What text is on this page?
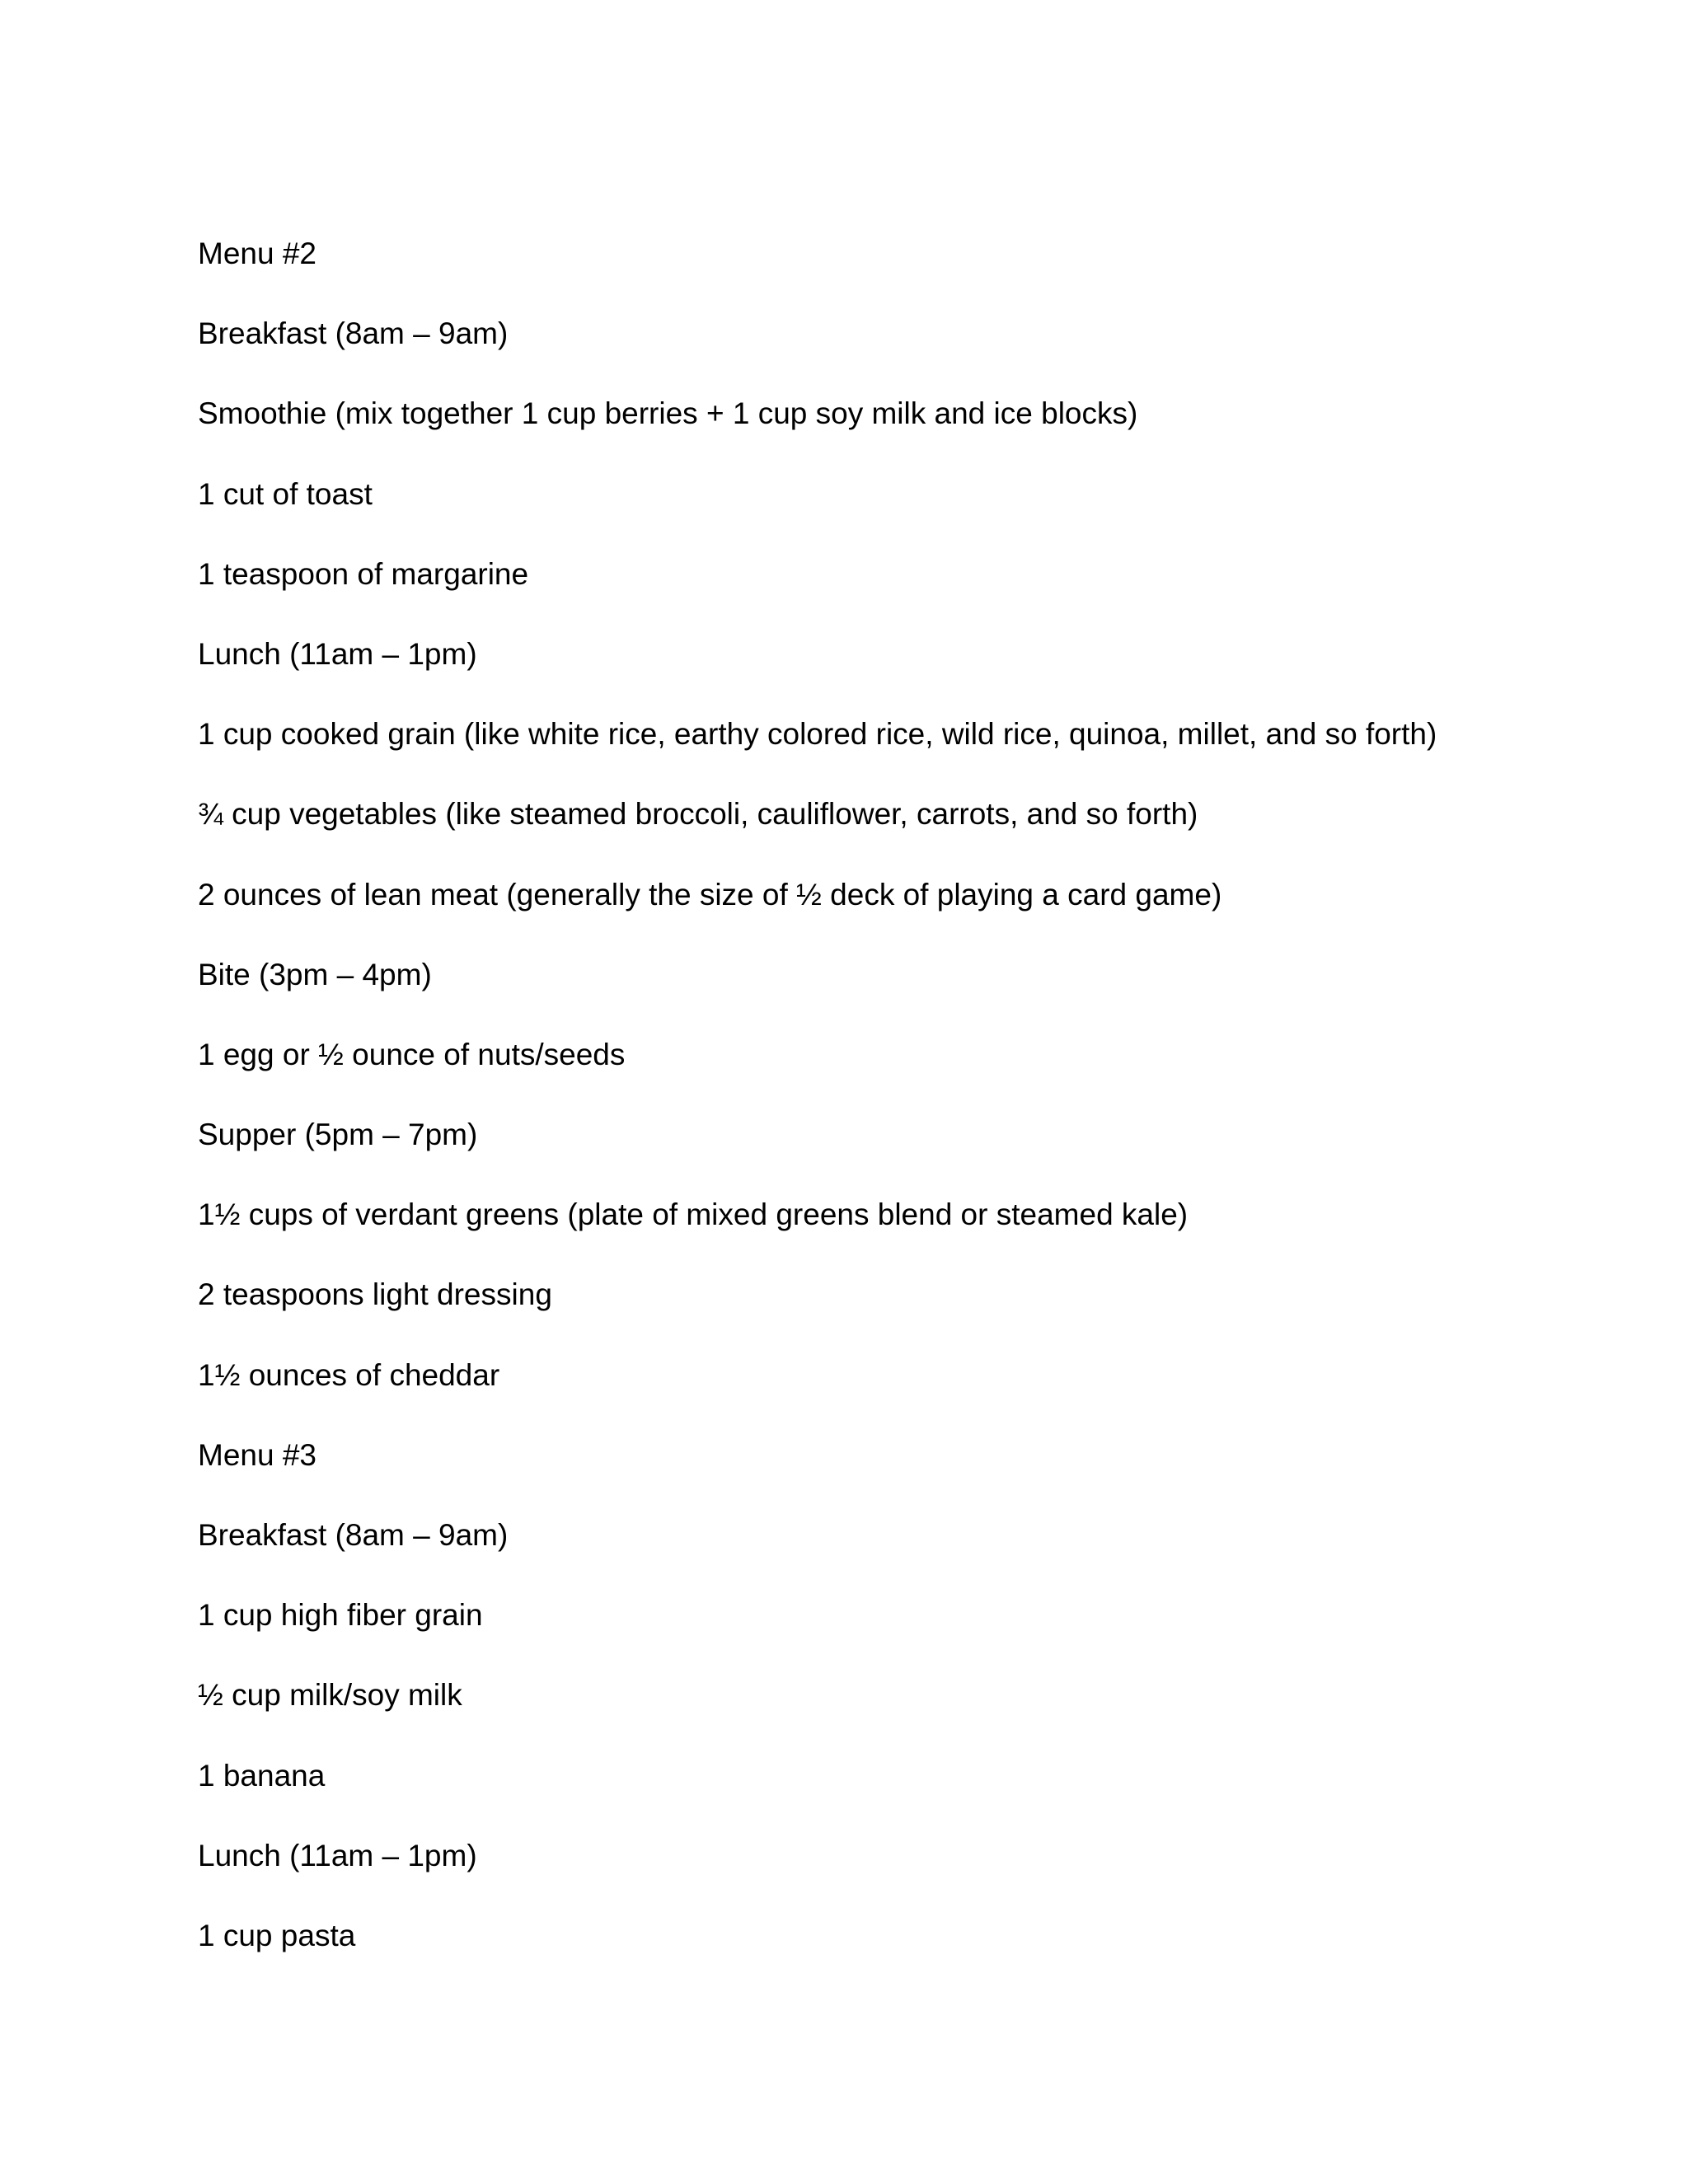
Menu #2
Breakfast (8am – 9am)
Smoothie (mix together 1 cup berries + 1 cup soy milk and ice blocks)
1 cut of toast
1 teaspoon of margarine
Lunch (11am – 1pm)
1 cup cooked grain (like white rice, earthy colored rice, wild rice, quinoa, millet, and so forth)
¾ cup vegetables (like steamed broccoli, cauliflower, carrots, and so forth)
2 ounces of lean meat (generally the size of ½ deck of playing a card game)
Bite (3pm – 4pm)
1 egg or ½ ounce of nuts/seeds
Supper (5pm – 7pm)
1½ cups of verdant greens (plate of mixed greens blend or steamed kale)
2 teaspoons light dressing
1½ ounces of cheddar
Menu #3
Breakfast (8am – 9am)
1 cup high fiber grain
½ cup milk/soy milk
1 banana
Lunch (11am – 1pm)
1 cup pasta
